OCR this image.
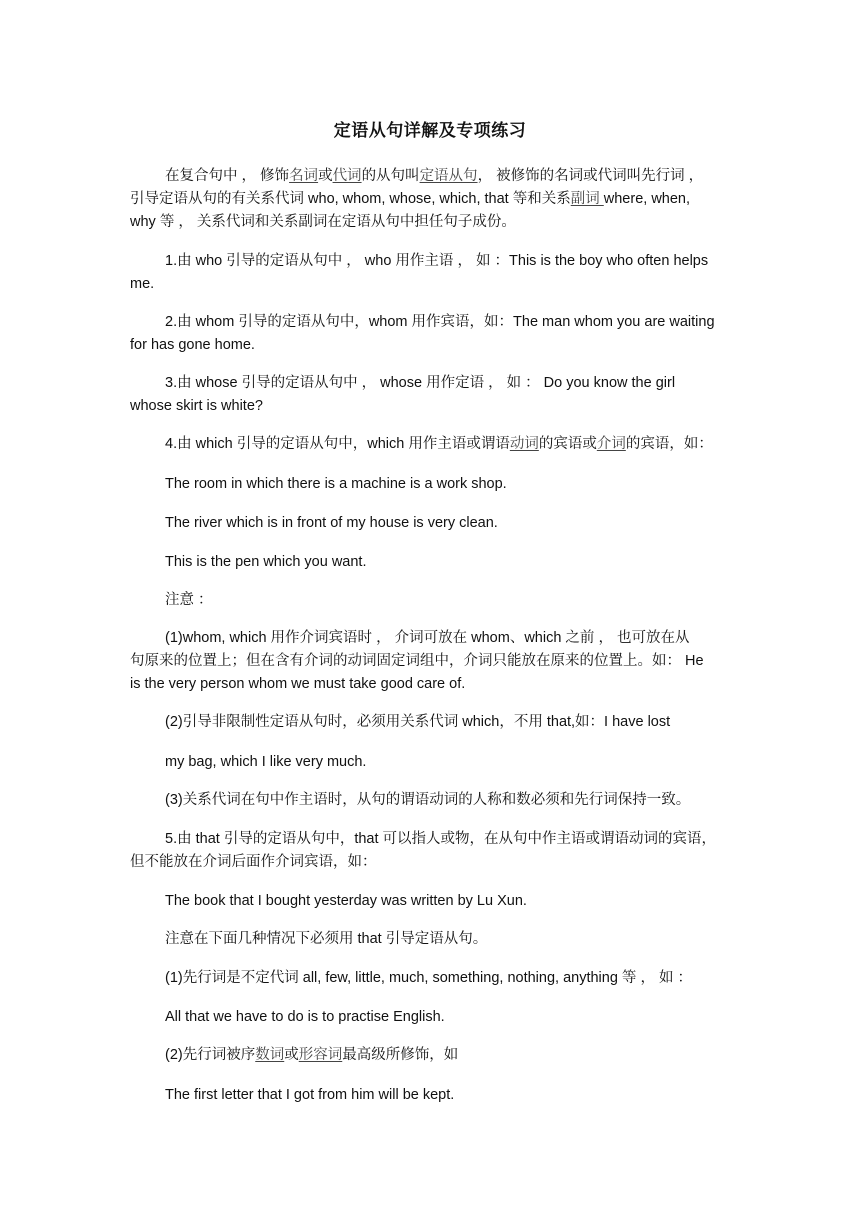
定语从句详解及专项练习
在复合句中 ， 修饰名词或代词的从句叫定语从句， 被修饰的名词或代词叫先行词 ，
引导定语从句的有关系代词 who, whom, whose, which, that 等和关系副词 where, when,
why 等 ， 关系代词和关系副词在定语从句中担任句子成份。
1.由 who 引导的定语从句中 ， who 用作主语 ， 如 ：This is the boy who often helps
me.
2.由 whom 引导的定语从句中，whom 用作宾语，如：The man whom you are waiting
for has gone home.
3.由 whose 引导的定语从句中 ， whose 用作定语 ， 如 ： Do you know the girl
whose skirt is white?
4.由 which 引导的定语从句中，which 用作主语或谓语动词的宾语或介词的宾语，如：
The room in which there is a machine is a work shop.
The river which is in front of my house is very clean.
This is the pen which you want.
注意 ：
(1)whom, which 用作介词宾语时 ， 介词可放在 whom、which 之前 ， 也可放在从
句原来的位置上；但在含有介词的动词固定词组中，介词只能放在原来的位置上。如： He
is the very person whom we must take good care of.
(2)引导非限制性定语从句时，必须用关系代词 which，不用 that,如：I have lost
my bag, which I like very much.
(3)关系代词在句中作主语时，从句的谓语动词的人称和数必须和先行词保持一致。
5.由 that 引导的定语从句中，that 可以指人或物，在从句中作主语或谓语动词的宾语，
但不能放在介词后面作介词宾语，如：
The book that I bought yesterday was written by Lu Xun.
注意在下面几种情况下必须用 that 引导定语从句。
(1)先行词是不定代词 all, few, little, much, something, nothing, anything 等 ， 如 ：
All that we have to do is to practise English.
(2)先行词被序数词或形容词最高级所修饰，如
The first letter that I got from him will be kept.
